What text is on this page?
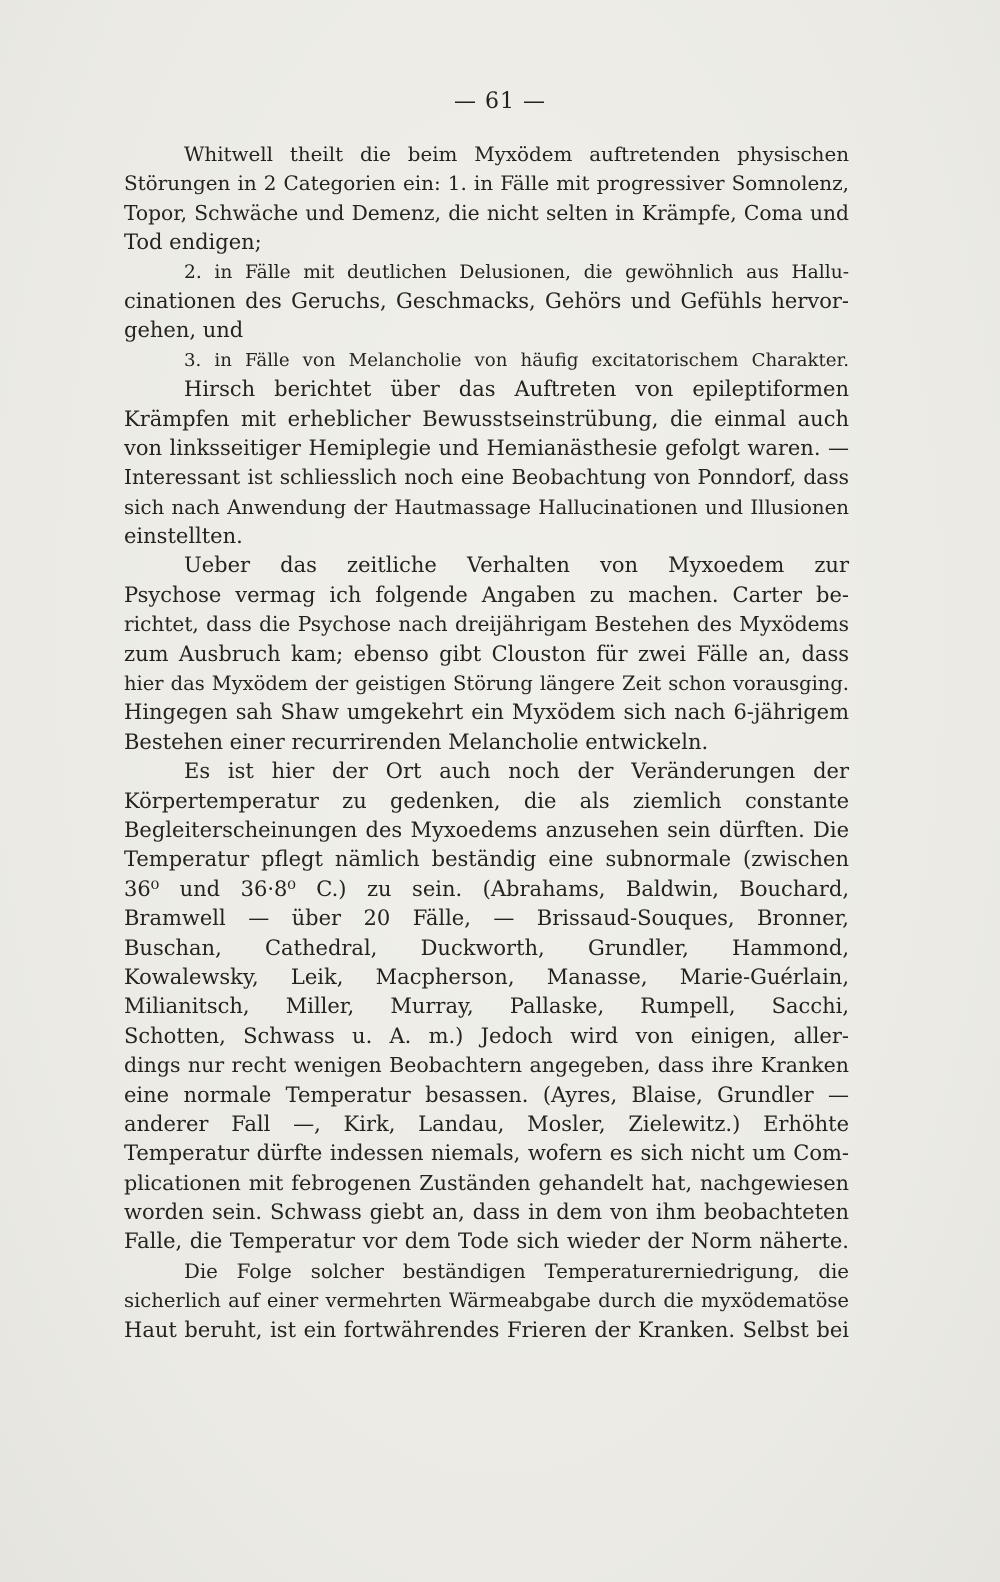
— 61 —
Whitwell theilt die beim Myxödem auftretenden physischen
Störungen in 2 Categorien ein: 1. in Fälle mit progressiver Somnolenz,
Topor, Schwäche und Demenz, die nicht selten in Krämpfe, Coma und
Tod endigen;
2. in Fälle mit deutlichen Delusionen, die gewöhnlich aus Hallu-
cinationen des Geruchs, Geschmacks, Gehörs und Gefühls hervor-
gehen, und
3. in Fälle von Melancholie von häufig excitatorischem Charakter.
Hirsch berichtet über das Auftreten von epileptiformen
Krämpfen mit erheblicher Bewusstseinstrübung, die einmal auch
von linksseitiger Hemiplegie und Hemianästhesie gefolgt waren. —
Interessant ist schliesslich noch eine Beobachtung von Ponndorf, dass
sich nach Anwendung der Hautmassage Hallucinationen und Illusionen
einstellten.
Ueber das zeitliche Verhalten von Myxoedem zur
Psychose vermag ich folgende Angaben zu machen. Carter be-
richtet, dass die Psychose nach dreijährigam Bestehen des Myxödems
zum Ausbruch kam; ebenso gibt Clouston für zwei Fälle an, dass
hier das Myxödem der geistigen Störung längere Zeit schon vorausging.
Hingegen sah Shaw umgekehrt ein Myxödem sich nach 6-jährigem
Bestehen einer recurrirenden Melancholie entwickeln.
Es ist hier der Ort auch noch der Veränderungen der
Körpertemperatur zu gedenken, die als ziemlich constante
Begleiterscheinungen des Myxoedems anzusehen sein dürften. Die
Temperatur pflegt nämlich beständig eine subnormale (zwischen
36⁰ und 36·8⁰ C.) zu sein. (Abrahams, Baldwin, Bouchard,
Bramwell — über 20 Fälle, — Brissaud-Souques, Bronner,
Buschan, Cathedral, Duckworth, Grundler, Hammond,
Kowalewsky, Leik, Macpherson, Manasse, Marie-Guérlain,
Milianitsch, Miller, Murray, Pallaske, Rumpell, Sacchi,
Schotten, Schwass u. A. m.) Jedoch wird von einigen, aller-
dings nur recht wenigen Beobachtern angegeben, dass ihre Kranken
eine normale Temperatur besassen. (Ayres, Blaise, Grundler —
anderer Fall —, Kirk, Landau, Mosler, Zielewitz.) Erhöhte
Temperatur dürfte indessen niemals, wofern es sich nicht um Com-
plicationen mit febrogenen Zuständen gehandelt hat, nachgewiesen
worden sein. Schwass giebt an, dass in dem von ihm beobachteten
Falle, die Temperatur vor dem Tode sich wieder der Norm näherte.
Die Folge solcher beständigen Temperaturerniedrigung, die
sicherlich auf einer vermehrten Wärmeabgabe durch die myxödematöse
Haut beruht, ist ein fortwährendes Frieren der Kranken. Selbst bei
